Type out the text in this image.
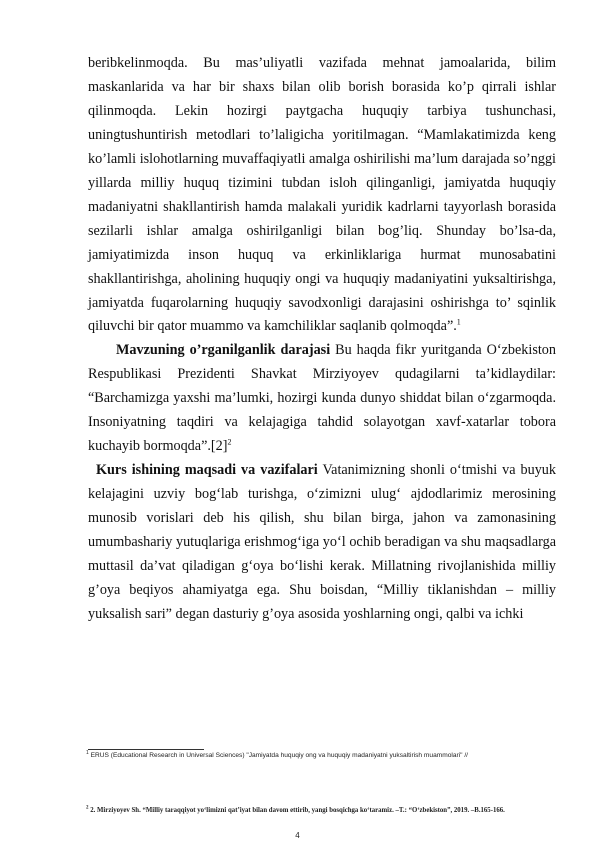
beribkelinmoqda. Bu mas’uliyatli vazifada mehnat jamoalarida, bilim maskanlarida va har bir shaxs bilan olib borish borasida ko’p qirrali ishlar qilinmoqda. Lekin hozirgi paytgacha huquqiy tarbiya tushunchasi, uningtushuntirish metodlari to’laligicha yoritilmagan. “Mamlakatimizda keng ko’lamli islohotlarning muvaffaqiyatli amalga oshirilishi ma’lum darajada so’nggi yillarda milliy huquq tizimini tubdan isloh qilinganligi, jamiyatda huquqiy madaniyatni shakllantirish hamda malakali yuridik kadrlarni tayyorlash borasida sezilarli ishlar amalga oshirilganligi bilan bog’liq. Shunday bo’lsa-da, jamiyatimizda inson huquq va erkinliklariga hurmat munosabatini shakllantirishga, aholining huquqiy ongi va huquqiy madaniyatini yuksaltirishga, jamiyatda fuqarolarning huquqiy savodxonligi darajasini oshirishga to’ sqinlik qiluvchi bir qator muammo va kamchiliklar saqlanib qolmoqda”.$^1$

Mavzuning o’rganilganlik darajasi Bu haqda fikr yuritganda O‘zbekiston Respublikasi Prezidenti Shavkat Mirziyoyev qudagilarni ta’kidlaydilar: “Barchamizga yaxshi ma’lumki, hozirgi kunda dunyo shiddat bilan o‘zgarmoqda. Insoniyatning taqdiri va kelajagiga tahdid solayotgan xavf-xatarlar tobora kuchayib bormoqda”.[2]$^2$

Kurs ishining maqsadi va vazifalari Vatanimizning shonli o‘tmishi va buyuk kelajagini uzviy bog‘lab turishga, o‘zimizni ulug‘ ajdodlarimiz merosining munosib vorislari deb his qilish, shu bilan birga, jahon va zamonasining umumbashariy yutuqlariga erishmog‘iga yo‘l ochib beradigan va shu maqsadlarga muttasil da’vat qiladigan g‘oya bo‘lishi kerak. Millatning rivojlanishida milliy g’oya beqiyos ahamiyatga ega. Shu boisdan, “Milliy tiklanishdan – milliy yuksalish sari” degan dasturiy g’oya asosida yoshlarning ongi, qalbi va ichki

$^1$ ERUS (Educational Research in Universal Sciences) "Jamiyatda huquqiy ong va huquqiy madaniyatni yuksaltirish muammolari" //

$^2$ 2. Mirziyoyev Sh. “Milliy taraqqiyot yo‘limizni qat’iyat bilan davom ettirib, yangi bosqichga ko‘taramiz. –T.: “O‘zbekiston”, 2019. –B.165-166.

4
